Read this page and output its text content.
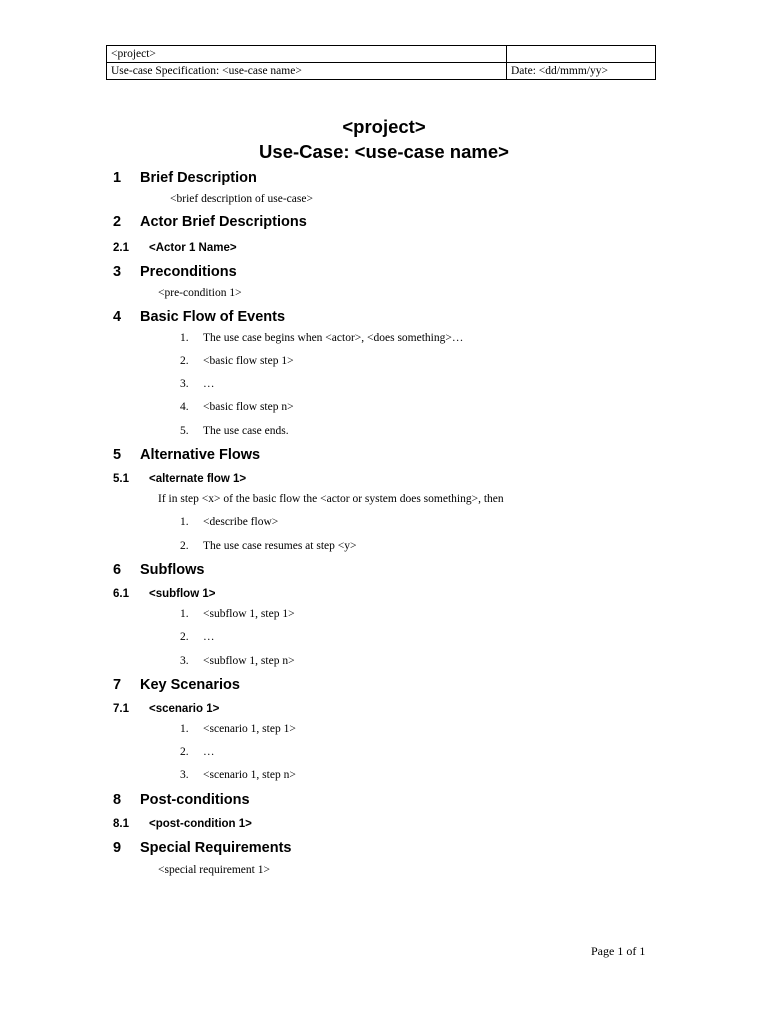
<project>	
Use-case Specification: <use-case name>	Date: <dd/mmm/yy>
<project>
Use-Case: <use-case name>
1 Brief Description
<brief description of use-case>
2 Actor Brief Descriptions
2.1 <Actor 1 Name>
3 Preconditions
<pre-condition 1>
4 Basic Flow of Events
1. The use case begins when <actor>, <does something>…
2. <basic flow step 1>
3. …
4. <basic flow step n>
5. The use case ends.
5 Alternative Flows
5.1 <alternate flow 1>
If in step <x> of the basic flow the <actor or system does something>, then
1. <describe flow>
2. The use case resumes at step <y>
6 Subflows
6.1 <subflow 1>
1. <subflow 1, step 1>
2. …
3. <subflow 1, step n>
7 Key Scenarios
7.1 <scenario 1>
1. <scenario 1, step 1>
2. …
3. <scenario 1, step n>
8 Post-conditions
8.1 <post-condition 1>
9 Special Requirements
<special requirement 1>
Page 1 of 1
